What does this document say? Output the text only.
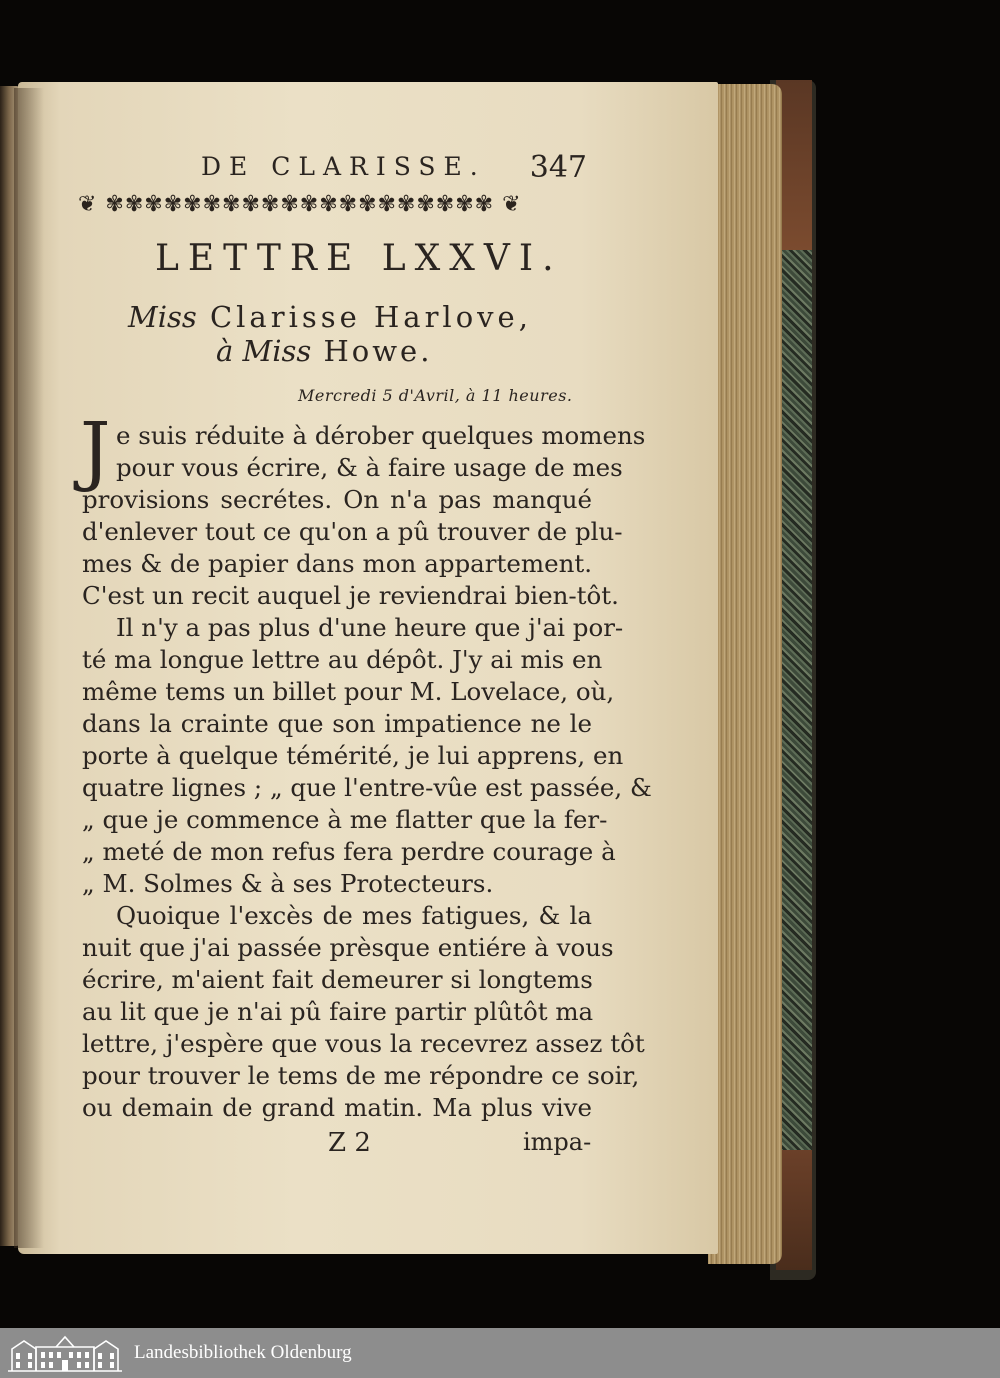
DE CLARISSE. 347
❦ ✾✾✾✾✾✾✾✾✾✾✾✾✾✾✾✾✾✾✾✾ ❦
LETTRE LXXVI.
Miss Clarisse Harlove,
à Miss Howe.
Mercredi 5 d'Avril, à 11 heures.
J e suis réduite à dérober quelques momens
pour vous écrire, & à faire usage de mes
provisions secrétes. On n'a pas manqué
d'enlever tout ce qu'on a pû trouver de plu-
mes & de papier dans mon appartement.
C'est un recit auquel je reviendrai bien-tôt.
Il n'y a pas plus d'une heure que j'ai por-
té ma longue lettre au dépôt. J'y ai mis en
même tems un billet pour M. Lovelace, où,
dans la crainte que son impatience ne le
porte à quelque témérité, je lui apprens, en
quatre lignes ; „ que l'entre-vûe est passée, &
„ que je commence à me flatter que la fer-
„ meté de mon refus fera perdre courage à
„ M. Solmes & à ses Protecteurs.
Quoique l'excès de mes fatigues, & la
nuit que j'ai passée prèsque entiére à vous
écrire, m'aient fait demeurer si longtems
au lit que je n'ai pû faire partir plûtôt ma
lettre, j'espère que vous la recevrez assez tôt
pour trouver le tems de me répondre ce soir,
ou demain de grand matin. Ma plus vive
Z 2	impa-
Landesbibliothek Oldenburg
